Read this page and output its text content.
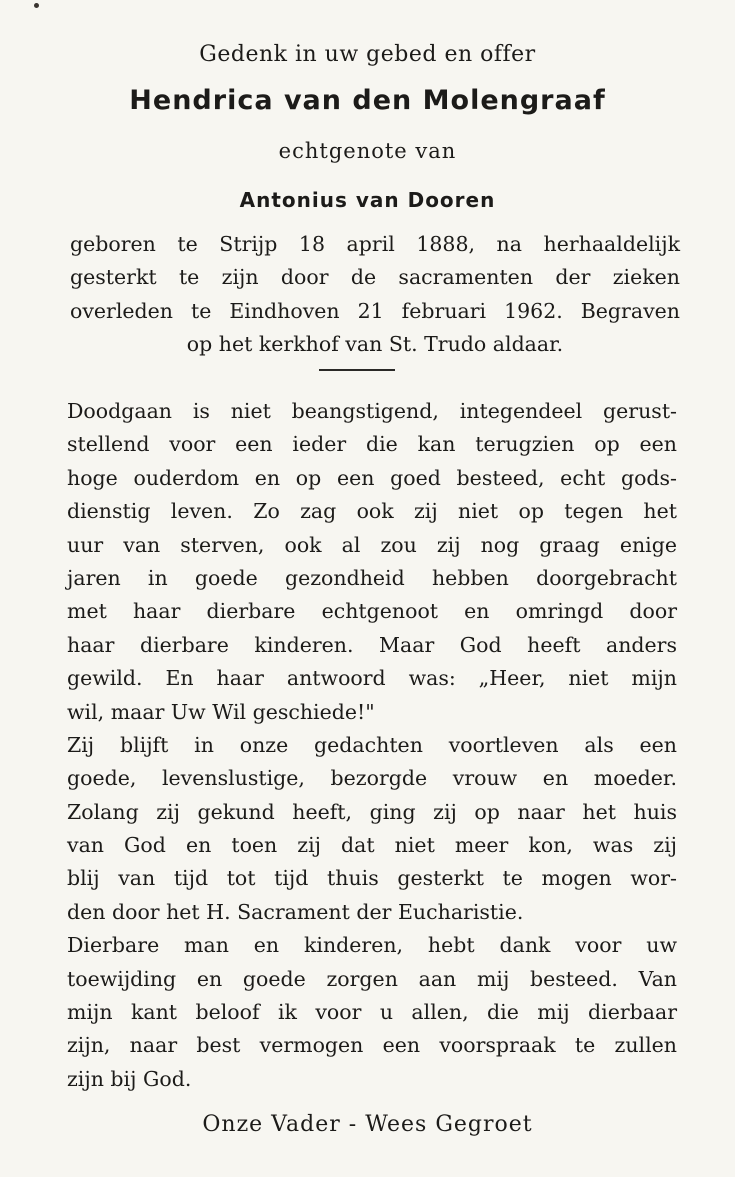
Gedenk in uw gebed en offer
Hendrica van den Molengraaf
echtgenote van
Antonius van Dooren
geboren te Strijp 18 april 1888, na herhaaldelijk
gesterkt te zijn door de sacramenten der zieken
overleden te Eindhoven 21 februari 1962. Begraven
op het kerkhof van St. Trudo aldaar.
Doodgaan is niet beangstigend, integendeel gerust-
stellend voor een ieder die kan terugzien op een
hoge ouderdom en op een goed besteed, echt gods-
dienstig leven. Zo zag ook zij niet op tegen het
uur van sterven, ook al zou zij nog graag enige
jaren in goede gezondheid hebben doorgebracht
met haar dierbare echtgenoot en omringd door
haar dierbare kinderen. Maar God heeft anders
gewild. En haar antwoord was: „Heer, niet mijn
wil, maar Uw Wil geschiede!"
Zij blijft in onze gedachten voortleven als een
goede, levenslustige, bezorgde vrouw en moeder.
Zolang zij gekund heeft, ging zij op naar het huis
van God en toen zij dat niet meer kon, was zij
blij van tijd tot tijd thuis gesterkt te mogen wor-
den door het H. Sacrament der Eucharistie.
Dierbare man en kinderen, hebt dank voor uw
toewijding en goede zorgen aan mij besteed. Van
mijn kant beloof ik voor u allen, die mij dierbaar
zijn, naar best vermogen een voorspraak te zullen
zijn bij God.
Onze Vader - Wees Gegroet
